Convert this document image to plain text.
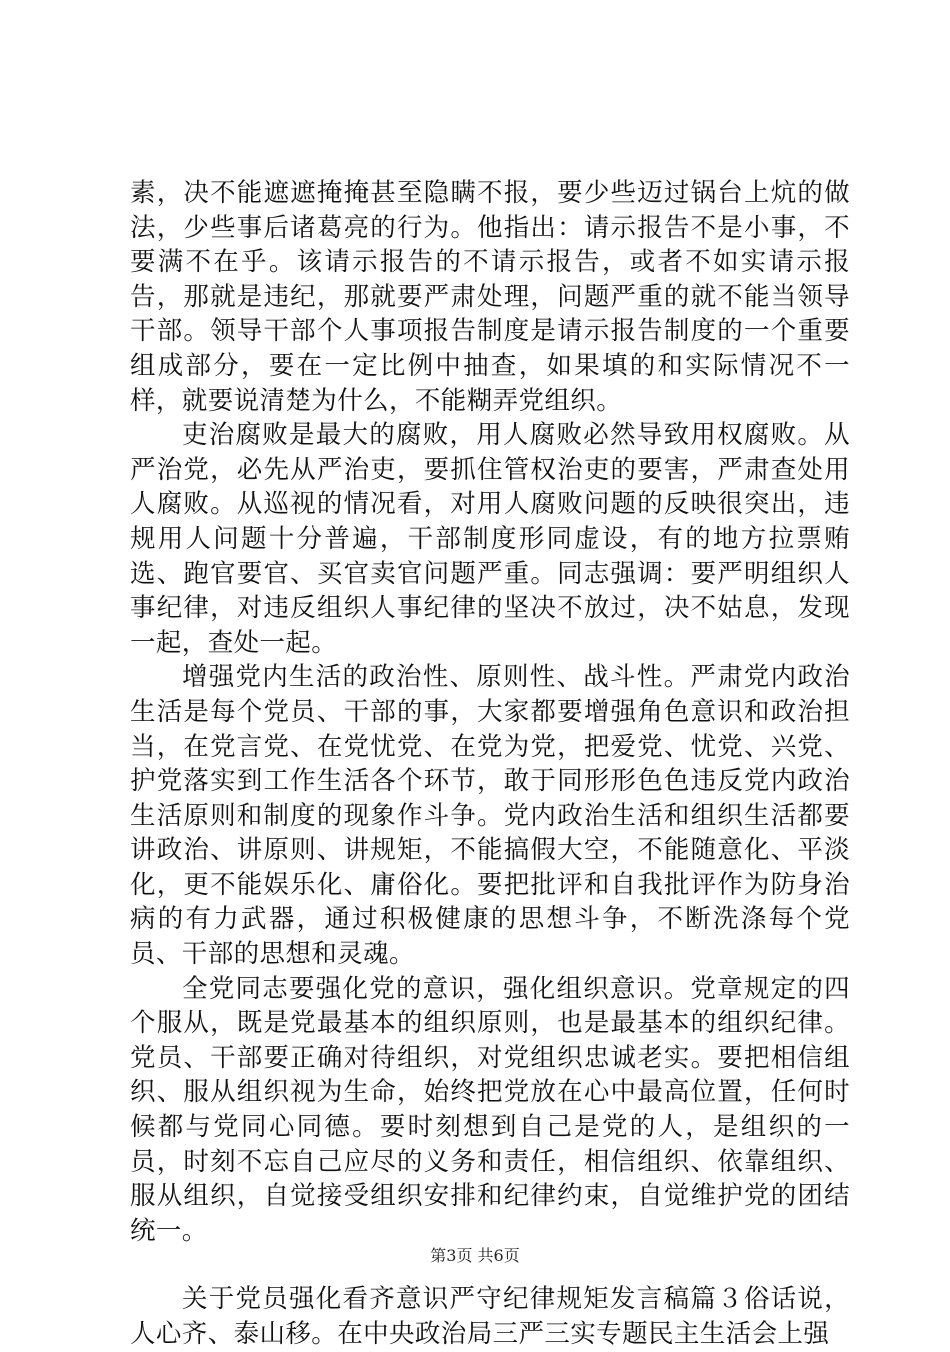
素，决不能遮遮掩掩甚至隐瞒不报，要少些迈过锅台上炕的做法，少些事后诸葛亮的行为。他指出：请示报告不是小事，不要满不在乎。该请示报告的不请示报告，或者不如实请示报告，那就是违纪，那就要严肃处理，问题严重的就不能当领导干部。领导干部个人事项报告制度是请示报告制度的一个重要组成部分，要在一定比例中抽查，如果填的和实际情况不一样，就要说清楚为什么，不能糊弄党组织。

吏治腐败是最大的腐败，用人腐败必然导致用权腐败。从严治党，必先从严治吏，要抓住管权治吏的要害，严肃查处用人腐败。从巡视的情况看，对用人腐败问题的反映很突出，违规用人问题十分普遍，干部制度形同虚设，有的地方拉票贿选、跑官要官、买官卖官问题严重。同志强调：要严明组织人事纪律，对违反组织人事纪律的坚决不放过，决不姑息，发现一起，查处一起。

增强党内生活的政治性、原则性、战斗性。严肃党内政治生活是每个党员、干部的事，大家都要增强角色意识和政治担当，在党言党、在党忧党、在党为党，把爱党、忧党、兴党、护党落实到工作生活各个环节，敢于同形形色色违反党内政治生活原则和制度的现象作斗争。党内政治生活和组织生活都要讲政治、讲原则、讲规矩，不能搞假大空，不能随意化、平淡化，更不能娱乐化、庸俗化。要把批评和自我批评作为防身治病的有力武器，通过积极健康的思想斗争，不断洗涤每个党员、干部的思想和灵魂。

全党同志要强化党的意识，强化组织意识。党章规定的四个服从，既是党最基本的组织原则，也是最基本的组织纪律。党员、干部要正确对待组织，对党组织忠诚老实。要把相信组织、服从组织视为生命，始终把党放在心中最高位置，任何时候都与党同心同德。要时刻想到自己是党的人，是组织的一员，时刻不忘自己应尽的义务和责任，相信组织、依靠组织、服从组织，自觉接受组织安排和纪律约束，自觉维护党的团结统一。

关于党员强化看齐意识严守纪律规矩发言稿篇３俗话说，人心齐、泰山移。在中央政治局三严三实专题民主生活会上强

第3页 共6页
